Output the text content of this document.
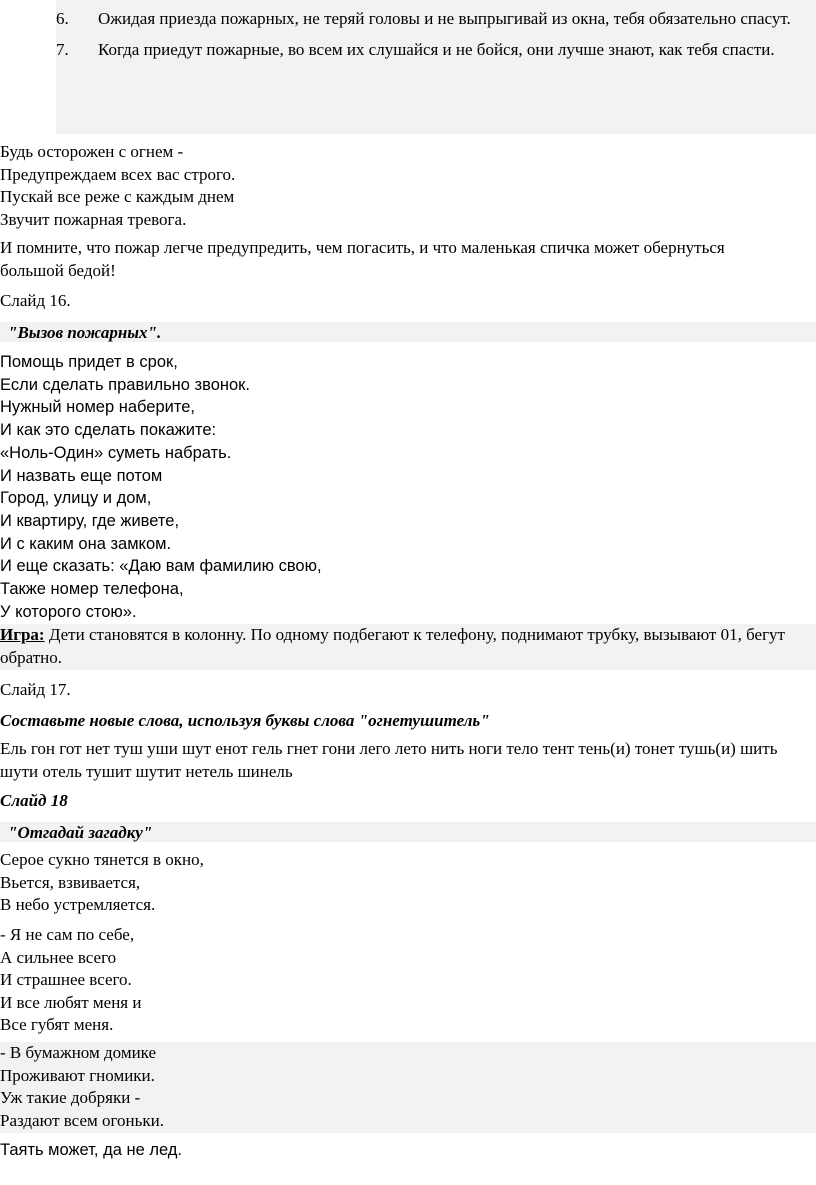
6.	Ожидая приезда пожарных, не теряй головы и не выпрыгивай из окна, тебя обязательно спасут.
7.	Когда приедут пожарные, во всем их слушайся и не бойся, они лучше знают, как тебя спасти.
Будь осторожен с огнем -
Предупреждаем всех вас строго.
Пускай все реже с каждым днем
Звучит пожарная тревога.
И помните, что пожар легче предупредить, чем погасить, и что маленькая спичка может обернуться большой бедой!
Слайд 16.
"Вызов пожарных".
Помощь придет в срок,
Если сделать правильно звонок.
Нужный номер наберите,
И как это сделать покажите:
«Ноль-Один» суметь набрать.
И назвать еще потом
Город, улицу и дом,
И квартиру, где живете,
И с каким она замком.
И еще сказать: «Даю вам фамилию свою,
Также номер телефона,
У которого стою».
Игра: Дети становятся в колонну. По одному подбегают к телефону, поднимают трубку, вызывают 01, бегут обратно.
Слайд 17.
Составьте новые слова, используя буквы слова "огнетушитель"
Ель гон гот нет туш уши шут енот гель гнет гони лего лето нить ноги тело тент тень(и) тонет тушь(и) шить шути отель тушит шутит нетель шинель
Слайд 18
"Отгадай загадку"
Серое сукно тянется в окно,
Вьется, взвивается,
В небо устремляется.
- Я не сам по себе,
А сильнее всего
И страшнее всего.
И все любят меня и
Все губят меня.
- В бумажном домике
Проживают гномики.
Уж такие добряки -
Раздают всем огоньки.
Таять может, да не лед.
